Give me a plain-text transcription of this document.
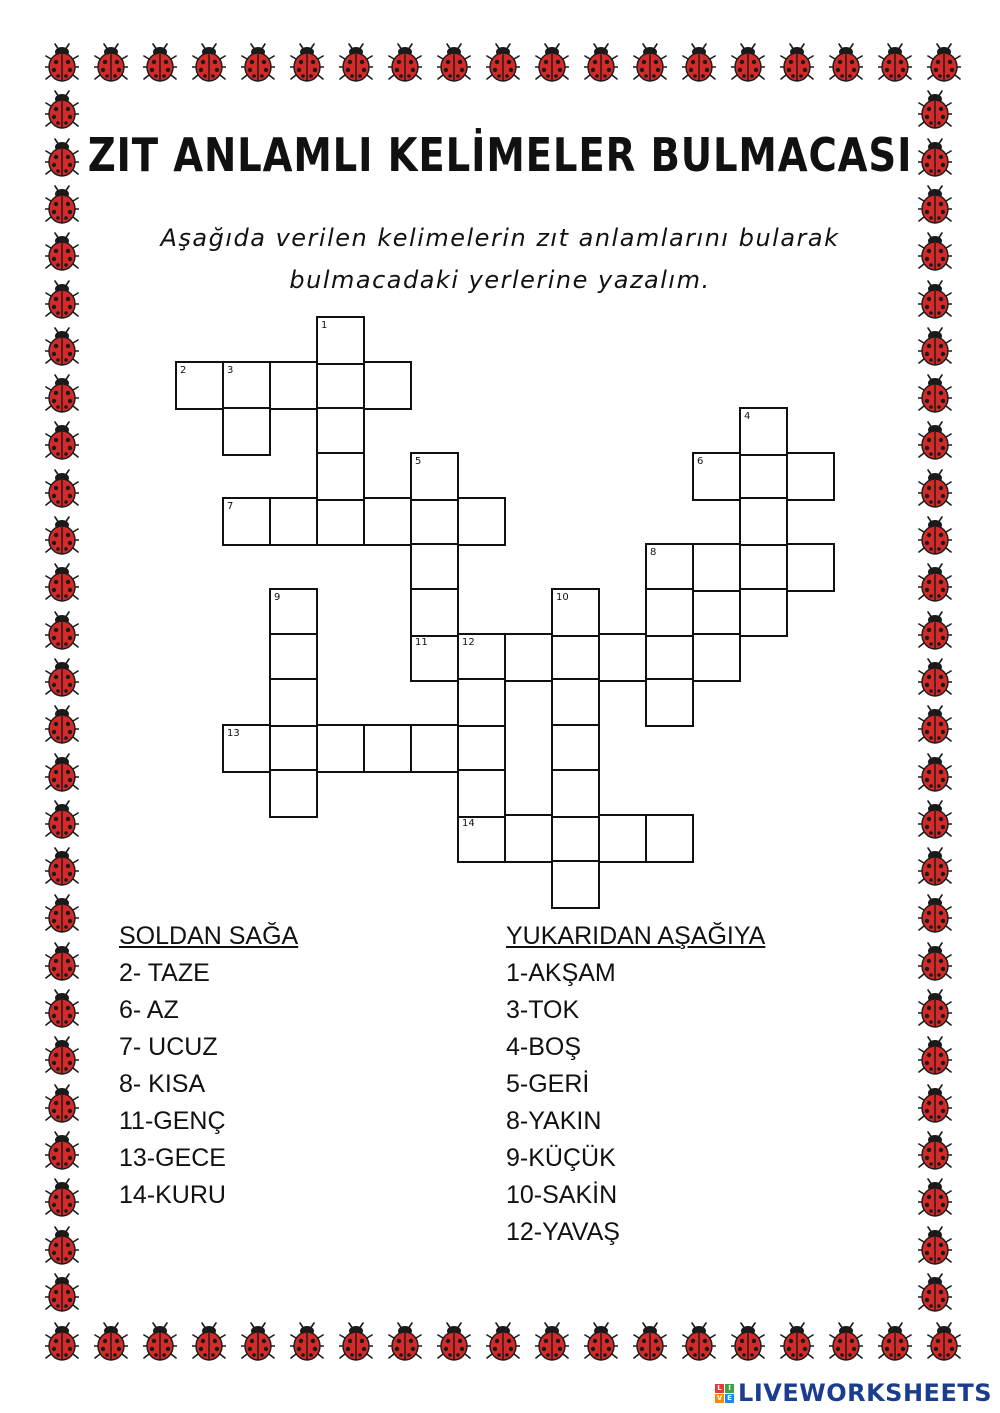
ZIT ANLAMLI KELİMELER BULMACASI
Aşağıda verilen kelimelerin zıt anlamlarını bularak
bulmacadaki yerlerine yazalım.
2	3
6
7
8
11	12
13
14
1
4
5
9	10
SOLDAN SAĞA
2- TAZE
6- AZ
7- UCUZ
8- KISA
11-GENÇ
13-GECE
14-KURU
YUKARIDAN AŞAĞIYA
1-AKŞAM
3-TOK
4-BOŞ
5-GERİ
8-YAKIN
9-KÜÇÜK
10-SAKİN
12-YAVAŞ
L I
V E LIVEWORKSHEETS
